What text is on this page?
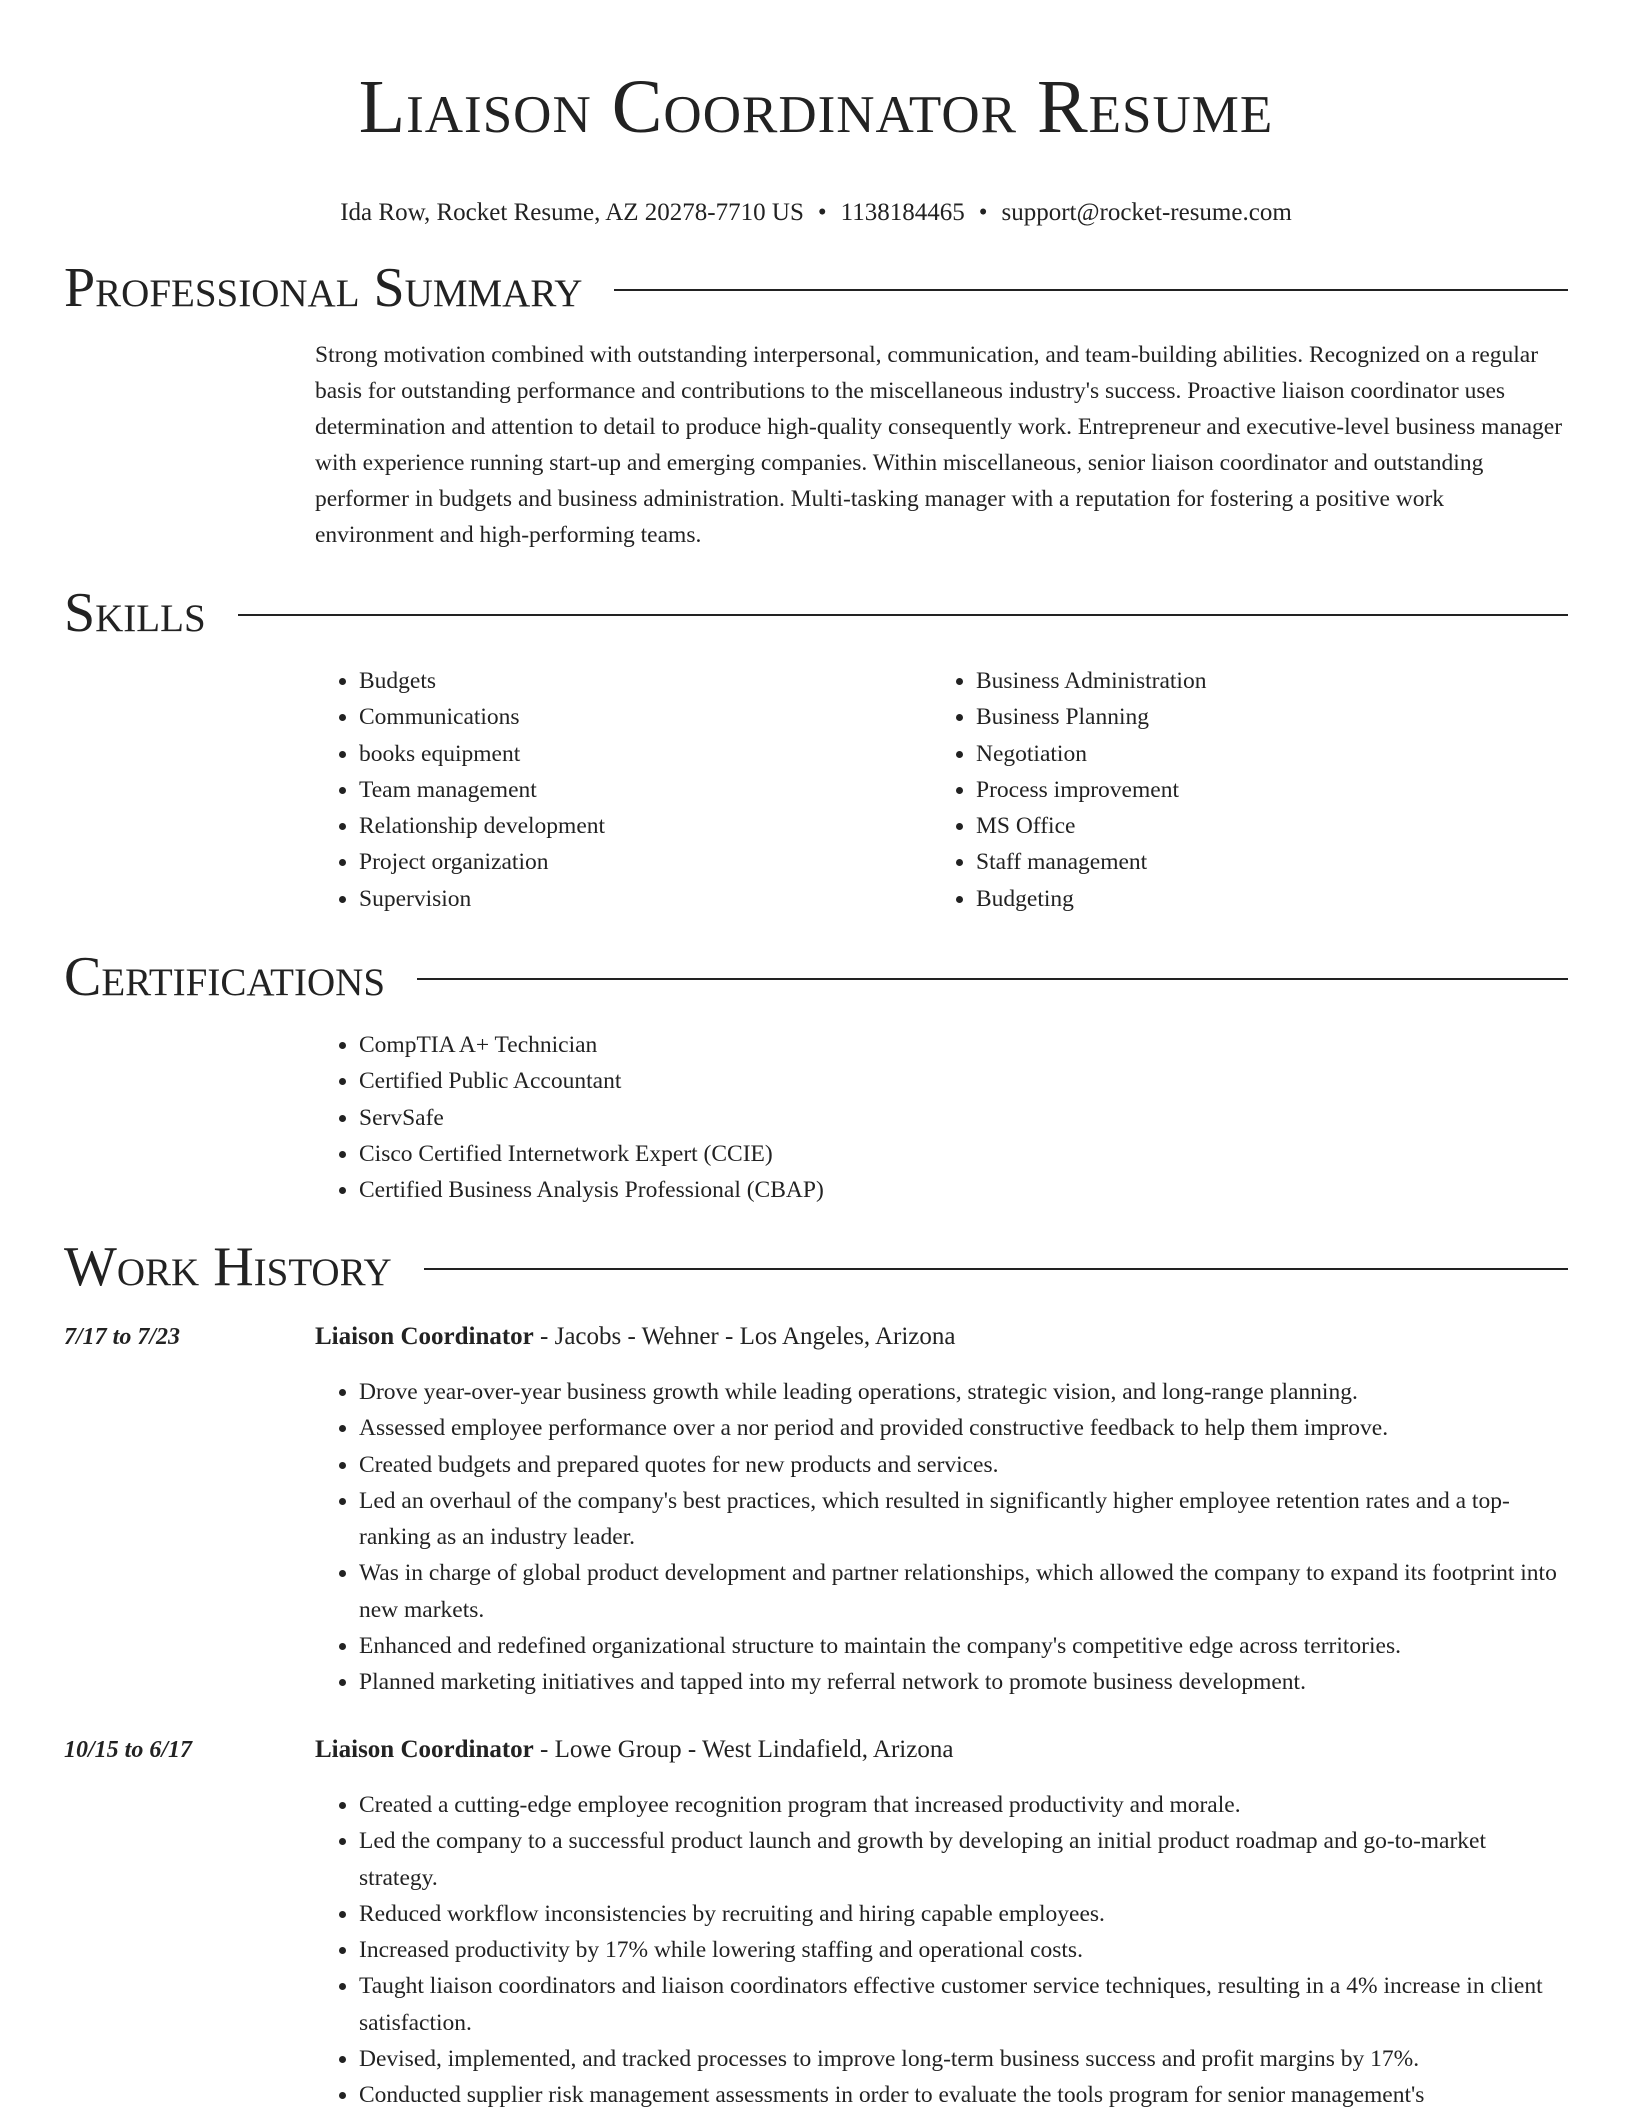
Liaison Coordinator Resume
Ida Row, Rocket Resume, AZ 20278-7710 US • 1138184465 • support@rocket-resume.com
Professional Summary

Strong motivation combined with outstanding interpersonal, communication, and team-building abilities. Recognized on a regular basis for outstanding performance and contributions to the miscellaneous industry's success. Proactive liaison coordinator uses determination and attention to detail to produce high-quality consequently work. Entrepreneur and executive-level business manager with experience running start-up and emerging companies. Within miscellaneous, senior liaison coordinator and outstanding performer in budgets and business administration. Multi-tasking manager with a reputation for fostering a positive work environment and high-performing teams.

Skills
• Budgets
• Communications
• books equipment
• Team management
• Relationship development
• Project organization
• Supervision
• Business Administration
• Business Planning
• Negotiation
• Process improvement
• MS Office
• Staff management
• Budgeting
Certifications
• CompTIA A+ Technician
• Certified Public Accountant
• ServSafe
• Cisco Certified Internetwork Expert (CCIE)
• Certified Business Analysis Professional (CBAP)
Work History
7/17 to 7/23	Liaison Coordinator - Jacobs - Wehner - Los Angeles, Arizona
• Drove year-over-year business growth while leading operations, strategic vision, and long-range planning.
• Assessed employee performance over a nor period and provided constructive feedback to help them improve.
• Created budgets and prepared quotes for new products and services.
• Led an overhaul of the company's best practices, which resulted in significantly higher employee retention rates and a top-ranking as an industry leader.
• Was in charge of global product development and partner relationships, which allowed the company to expand its footprint into new markets.
• Enhanced and redefined organizational structure to maintain the company's competitive edge across territories.
• Planned marketing initiatives and tapped into my referral network to promote business development.
10/15 to 6/17	Liaison Coordinator - Lowe Group - West Lindafield, Arizona
• Created a cutting-edge employee recognition program that increased productivity and morale.
• Led the company to a successful product launch and growth by developing an initial product roadmap and go-to-market strategy.
• Reduced workflow inconsistencies by recruiting and hiring capable employees.
• Increased productivity by 17% while lowering staffing and operational costs.
• Taught liaison coordinators and liaison coordinators effective customer service techniques, resulting in a 4% increase in client satisfaction.
• Devised, implemented, and tracked processes to improve long-term business success and profit margins by 17%.
• Conducted supplier risk management assessments in order to evaluate the tools program for senior management's
